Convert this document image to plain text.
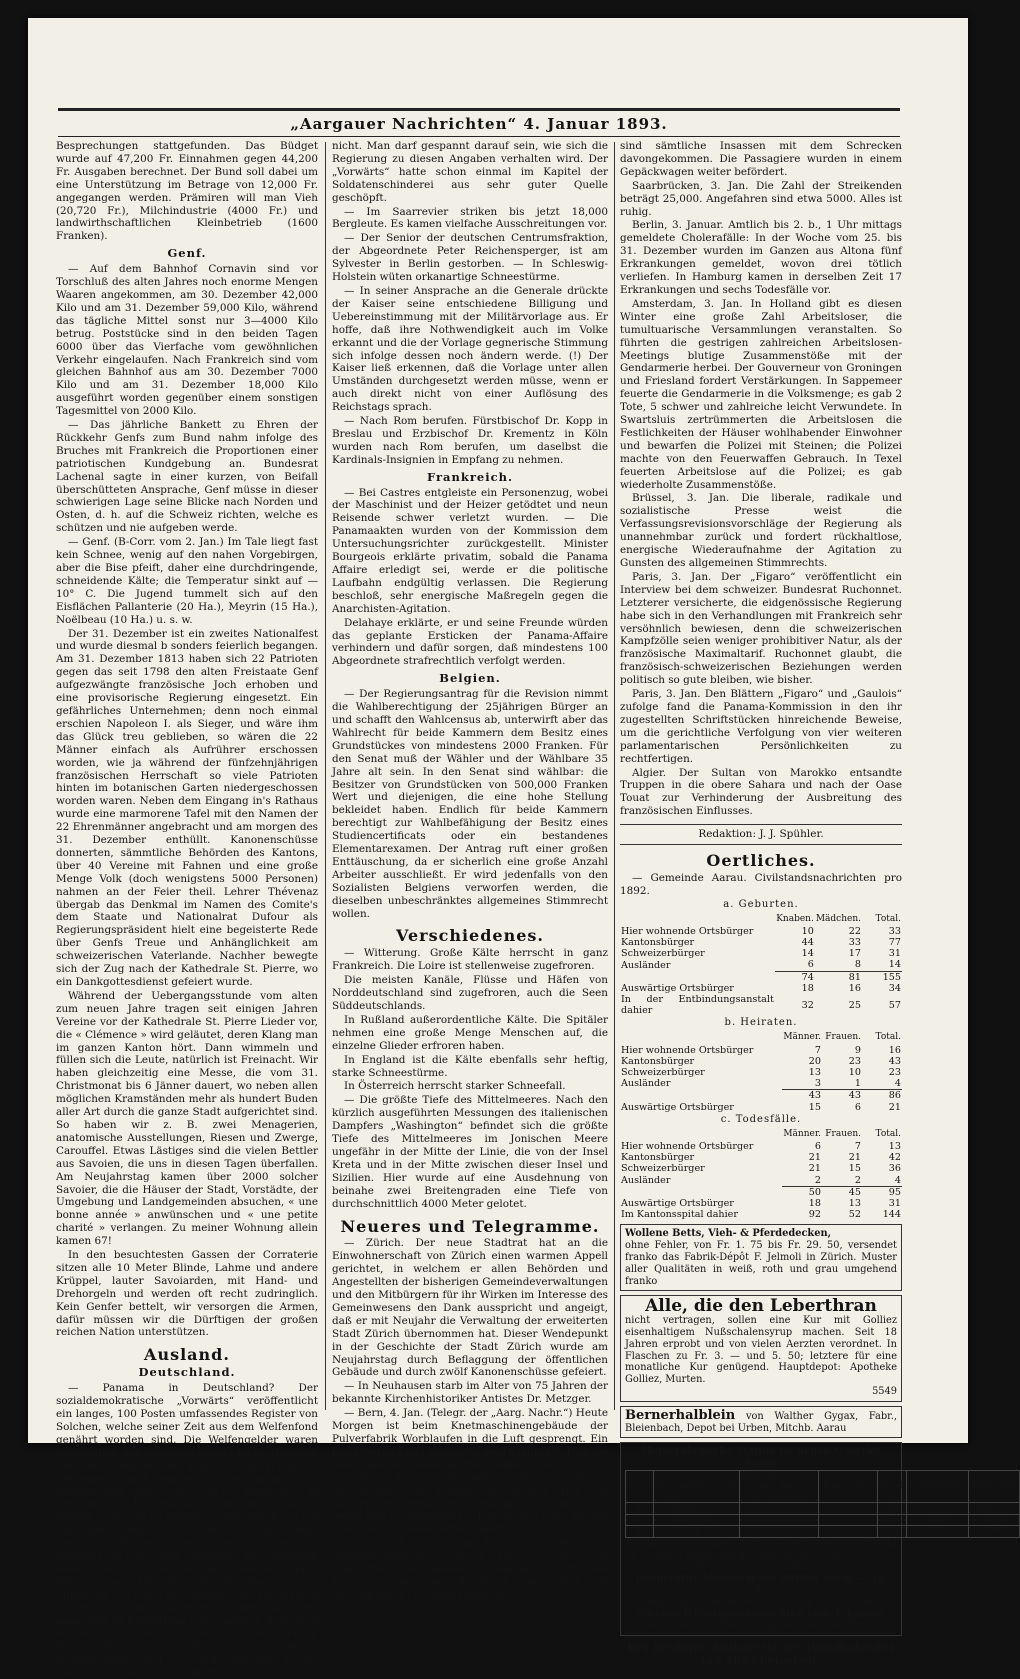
„Aargauer Nachrichten“ 4. Januar 1893.

Besprechungen stattgefunden. Das Büdget wurde auf 47,200 Fr. Einnahmen gegen 44,200 Fr. Ausgaben berechnet. Der Bund soll dabei um eine Unterstützung im Betrage von 12,000 Fr. angegangen werden. Prämiren will man Vieh (20,720 Fr.), Milchindustrie (4000 Fr.) und landwirthschaftlichen Kleinbetrieb (1600 Franken).

Genf.

— Auf dem Bahnhof Cornavin sind vor Torschluß des alten Jahres noch enorme Mengen Waaren angekommen, am 30. Dezember 42,000 Kilo und am 31. Dezember 59,000 Kilo, während das tägliche Mittel sonst nur 3—4000 Kilo betrug. Poststücke sind in den beiden Tagen 6000 über das Vierfache vom gewöhnlichen Verkehr eingelaufen. Nach Frankreich sind vom gleichen Bahnhof aus am 30. Dezember 7000 Kilo und am 31. Dezember 18,000 Kilo ausgeführt worden gegenüber einem sonstigen Tagesmittel von 2000 Kilo.

— Das jährliche Bankett zu Ehren der Rückkehr Genfs zum Bund nahm infolge des Bruches mit Frankreich die Proportionen einer patriotischen Kundgebung an. Bundesrat Lachenal sagte in einer kurzen, von Beifall überschütteten Ansprache, Genf müsse in dieser schwierigen Lage seine Blicke nach Norden und Osten, d. h. auf die Schweiz richten, welche es schützen und nie aufgeben werde.

— Genf. (B-Corr. vom 2. Jan.) Im Tale liegt fast kein Schnee, wenig auf den nahen Vorgebirgen, aber die Bise pfeift, daher eine durchdringende, schneidende Kälte; die Temperatur sinkt auf — 10° C. Die Jugend tummelt sich auf den Eisflächen Pallanterie (20 Ha.), Meyrin (15 Ha.), Noëlbeau (10 Ha.) u. s. w.

Der 31. Dezember ist ein zweites Nationalfest und wurde diesmal b sonders feierlich begangen. Am 31. Dezember 1813 haben sich 22 Patrioten gegen das seit 1798 den alten Freistaate Genf aufgezwängte französische Joch erhoben und eine provisorische Regierung eingesetzt. Ein gefährliches Unternehmen; denn noch einmal erschien Napoleon I. als Sieger, und wäre ihm das Glück treu geblieben, so wären die 22 Männer einfach als Aufrührer erschossen worden, wie ja während der fünfzehnjährigen französischen Herrschaft so viele Patrioten hinten im botanischen Garten niedergeschossen worden waren. Neben dem Eingang in's Rathaus wurde eine marmorene Tafel mit den Namen der 22 Ehrenmänner angebracht und am morgen des 31. Dezember enthüllt. Kanonenschüsse donnerten, sämmtliche Behörden des Kantons, über 40 Vereine mit Fahnen und eine große Menge Volk (doch wenigstens 5000 Personen) nahmen an der Feier theil. Lehrer Thévenaz übergab das Denkmal im Namen des Comite's dem Staate und Nationalrat Dufour als Regierungspräsident hielt eine begeisterte Rede über Genfs Treue und Anhänglichkeit am schweizerischen Vaterlande. Nachher bewegte sich der Zug nach der Kathedrale St. Pierre, wo ein Dankgottesdienst gefeiert wurde.

Während der Uebergangsstunde vom alten zum neuen Jahre tragen seit einigen Jahren Vereine vor der Kathedrale St. Pierre Lieder vor, die « Clémence » wird geläutet, deren Klang man im ganzen Kanton hört. Dann wimmeln und füllen sich die Leute, natürlich ist Freinacht. Wir haben gleichzeitig eine Messe, die vom 31. Christmonat bis 6 Jänner dauert, wo neben allen möglichen Kramständen mehr als hundert Buden aller Art durch die ganze Stadt aufgerichtet sind. So haben wir z. B. zwei Menagerien, anatomische Ausstellungen, Riesen und Zwerge, Carouffel. Etwas Lästiges sind die vielen Bettler aus Savoien, die uns in diesen Tagen überfallen. Am Neujahrstag kamen über 2000 solcher Savoier, die die Häuser der Stadt, Vorstädte, der Umgebung und Landgemeinden absuchen, « une bonne année » anwünschen und « une petite charité » verlangen. Zu meiner Wohnung allein kamen 67!

In den besuchtesten Gassen der Corraterie sitzen alle 10 Meter Blinde, Lahme und andere Krüppel, lauter Savoiarden, mit Hand- und Drehorgeln und werden oft recht zudringlich. Kein Genfer bettelt, wir versorgen die Armen, dafür müssen wir die Dürftigen der großen reichen Nation unterstützen.

Ausland.
Deutschland.

— Panama in Deutschland? Der sozialdemokratische „Vorwärts“ veröffentlicht ein langes, 100 Posten umfassendes Register von Solchen, welche seiner Zeit aus dem Welfenfond genährt worden sind. Die Welfengelder waren bekanntlich den Schätzen des im Jahre 1866 von Preußen abgesetzten Königs von Hannover entnommen und dienten als Geheimfonds zur Bekämpfung der „welfischen Agitation“ in Preußen. Vor Kurzem hat Caprivi im Reichstag erklärt, die betreffenden Quittungen seien verbrannt worden. Der „Vorwärts“ erklärt nun, diese Quittungen seien noch vorhanden, während andere seine Angaben als Erfindung bezeichnen. Das Blatt stellt als „Gefahdete“ eine Reihe von höchsten Würdenträgern und Ministern süddeutscher Staaten bar. Die Namen werden zwar nur angedeutet aufgeführt, aber man wird in Deutschland die meisten derselben erraten. Auf hohe Offiziere folgen Richter, Parlamentarier, Zeitungen, Aerzte, Polizeibeamte, und es wird sich bis in die Schweiz gesandten Lockspitzel

nicht. Man darf gespannt darauf sein, wie sich die Regierung zu diesen Angaben verhalten wird. Der „Vorwärts“ hatte schon einmal im Kapitel der Soldatenschinderei aus sehr guter Quelle geschöpft.

— Im Saarrevier striken bis jetzt 18,000 Bergleute. Es kamen vielfache Ausschreitungen vor.

— Der Senior der deutschen Centrumsfraktion, der Abgeordnete Peter Reichensperger, ist am Sylvester in Berlin gestorben. — In Schleswig-Holstein wüten orkanartige Schneestürme.

— In seiner Ansprache an die Generale drückte der Kaiser seine entschiedene Billigung und Uebereinstimmung mit der Militärvorlage aus. Er hoffe, daß ihre Nothwendigkeit auch im Volke erkannt und die der Vorlage gegnerische Stimmung sich infolge dessen noch ändern werde. (!) Der Kaiser ließ erkennen, daß die Vorlage unter allen Umständen durchgesetzt werden müsse, wenn er auch direkt nicht von einer Auflösung des Reichstags sprach.

— Nach Rom berufen. Fürstbischof Dr. Kopp in Breslau und Erzbischof Dr. Krementz in Köln wurden nach Rom berufen, um daselbst die Kardinals-Insignien in Empfang zu nehmen.

Frankreich.

— Bei Castres entgleiste ein Personenzug, wobei der Maschinist und der Heizer getödtet und neun Reisende schwer verletzt wurden. — Die Panamaakten wurden von der Kommission dem Untersuchungsrichter zurückgestellt. Minister Bourgeois erklärte privatim, sobald die Panama Affaire erledigt sei, werde er die politische Laufbahn endgültig verlassen. Die Regierung beschloß, sehr energische Maßregeln gegen die Anarchisten-Agitation.

Delahaye erklärte, er und seine Freunde würden das geplante Ersticken der Panama-Affaire verhindern und dafür sorgen, daß mindestens 100 Abgeordnete strafrechtlich verfolgt werden.

Belgien.

— Der Regierungsantrag für die Revision nimmt die Wahlberechtigung der 25jährigen Bürger an und schafft den Wahlcensus ab, unterwirft aber das Wahlrecht für beide Kammern dem Besitz eines Grundstückes von mindestens 2000 Franken. Für den Senat muß der Wähler und der Wählbare 35 Jahre alt sein. In den Senat sind wählbar: die Besitzer von Grundstücken von 500,000 Franken Wert und diejenigen, die eine hohe Stellung bekleidet haben. Endlich für beide Kammern berechtigt zur Wahlbefähigung der Besitz eines Studiencertificats oder ein bestandenes Elementarexamen. Der Antrag ruft einer großen Enttäuschung, da er sicherlich eine große Anzahl Arbeiter ausschließt. Er wird jedenfalls von den Sozialisten Belgiens verworfen werden, die dieselben unbeschränktes allgemeines Stimmrecht wollen.

Verschiedenes.

— Witterung. Große Kälte herrscht in ganz Frankreich. Die Loire ist stellenweise zugefroren.

Die meisten Kanäle, Flüsse und Häfen von Norddeutschland sind zugefroren, auch die Seen Süddeutschlands.

In Rußland außerordentliche Kälte. Die Spitäler nehmen eine große Menge Menschen auf, die einzelne Glieder erfroren haben.

In England ist die Kälte ebenfalls sehr heftig, starke Schneestürme.

In Österreich herrscht starker Schneefall.

— Die größte Tiefe des Mittelmeeres. Nach den kürzlich ausgeführten Messungen des italienischen Dampfers „Washington“ befindet sich die größte Tiefe des Mittelmeeres im Jonischen Meere ungefähr in der Mitte der Linie, die von der Insel Kreta und in der Mitte zwischen dieser Insel und Sizilien. Hier wurde auf eine Ausdehnung von beinahe zwei Breitengraden eine Tiefe von durchschnittlich 4000 Meter gelotet.

Neueres und Telegramme.

— Zürich. Der neue Stadtrat hat an die Einwohnerschaft von Zürich einen warmen Appell gerichtet, in welchem er allen Behörden und Angestellten der bisherigen Gemeindeverwaltungen und den Mitbürgern für ihr Wirken im Interesse des Gemeinwesens den Dank ausspricht und angeigt, daß er mit Neujahr die Verwaltung der erweiterten Stadt Zürich übernommen hat. Dieser Wendepunkt in der Geschichte der Stadt Zürich wurde am Neujahrstag durch Beflaggung der öffentlichen Gebäude und durch zwölf Kanonenschüsse gefeiert.

— In Neuhausen starb im Alter von 75 Jahren der bekannte Kirchenhistoriker Antistes Dr. Metzger.

— Bern, 4. Jan. (Telegr. der „Aarg. Nachr.“) Heute Morgen ist beim Knetmaschinengebäude der Pulverfabrik Worblaufen in die Luft gesprengt. Ein furchtbarer Knall erweckte heute früh 4½ Uhr die Bewohner der benachbarten Dörfer. Eine Quantität rauchlosen Pulvers entzündete sich, das Gebäude ist zerstört, ein Arbeiter ist getötet. Der von solchen Pulverfabriken erzeugte Schaden ist beträchtlich. Sämmtliche Fensterscheiben in der Umgegend wurden zertrümmert.

— Zurzach, 3. Januar. Bei der Einfahrt des Abendschnellzuges 222, 6 Uhr 21 Min. von Winterthur herkommend, ereignete sich ein Personenwagen einen Radbruch. Zum Glück war der Zug nicht in vollem Laufe und

sind sämtliche Insassen mit dem Schrecken davongekommen. Die Passagiere wurden in einem Gepäckwagen weiter befördert.

Saarbrücken, 3. Jan. Die Zahl der Streikenden beträgt 25,000. Angefahren sind etwa 5000. Alles ist ruhig.

Berlin, 3. Januar. Amtlich bis 2. b., 1 Uhr mittags gemeldete Cholerafälle: In der Woche vom 25. bis 31. Dezember wurden im Ganzen aus Altona fünf Erkrankungen gemeldet, wovon drei tötlich verliefen. In Hamburg kamen in derselben Zeit 17 Erkrankungen und sechs Todesfälle vor.

Amsterdam, 3. Jan. In Holland gibt es diesen Winter eine große Zahl Arbeitsloser, die tumultuarische Versammlungen veranstalten. So führten die gestrigen zahlreichen Arbeitslosen-Meetings blutige Zusammenstöße mit der Gendarmerie herbei. Der Gouverneur von Groningen und Friesland fordert Verstärkungen. In Sappemeer feuerte die Gendarmerie in die Volksmenge; es gab 2 Tote, 5 schwer und zahlreiche leicht Verwundete. In Swartsluis zertrümmerten die Arbeitslosen die Festlichkeiten der Häuser wohlhabender Einwohner und bewarfen die Polizei mit Steinen; die Polizei machte von den Feuerwaffen Gebrauch. In Texel feuerten Arbeitslose auf die Polizei; es gab wiederholte Zusammenstöße.

Brüssel, 3. Jan. Die liberale, radikale und sozialistische Presse weist die Verfassungsrevisionsvorschläge der Regierung als unannehmbar zurück und fordert rückhaltlose, energische Wiederaufnahme der Agitation zu Gunsten des allgemeinen Stimmrechts.

Paris, 3. Jan. Der „Figaro“ veröffentlicht ein Interview bei dem schweizer. Bundesrat Ruchonnet. Letzterer versicherte, die eidgenössische Regierung habe sich in den Verhandlungen mit Frankreich sehr versöhnlich bewiesen, denn die schweizerischen Kampfzölle seien weniger prohibitiver Natur, als der französische Maximaltarif. Ruchonnet glaubt, die französisch-schweizerischen Beziehungen werden politisch so gute bleiben, wie bisher.

Paris, 3. Jan. Den Blättern „Figaro“ und „Gaulois“ zufolge fand die Panama-Kommission in den ihr zugestellten Schriftstücken hinreichende Beweise, um die gerichtliche Verfolgung von vier weiteren parlamentarischen Persönlichkeiten zu rechtfertigen.

Algier. Der Sultan von Marokko entsandte Truppen in die obere Sahara und nach der Oase Touat zur Verhinderung der Ausbreitung des französischen Einflusses.

Redaktion: J. J. Spühler.
Oertliches.

— Gemeinde Aarau. Civilstandsnachrichten pro 1892.

a. Geburten.
	Knaben.	Mädchen.	Total.
Hier wohnende Ortsbürger	10	22	33
Kantonsbürger	44	33	77
Schweizerbürger	14	17	31
Ausländer	6	8	14
	74	81	155
Auswärtige Ortsbürger	18	16	34
In der Entbindungsanstalt dahier	32	25	57
b. Heiraten.
	Männer.	Frauen.	Total.
Hier wohnende Ortsbürger	7	9	16
Kantonsbürger	20	23	43
Schweizerbürger	13	10	23
Ausländer	3	1	4
	43	43	86
Auswärtige Ortsbürger	15	6	21
c. Todesfälle.
	Männer.	Frauen.	Total.
Hier wohnende Ortsbürger	6	7	13
Kantonsbürger	21	21	42
Schweizerbürger	21	15	36
Ausländer	2	2	4
	50	45	95
Auswärtige Ortsbürger	18	13	31
Im Kantonsspital dahier	92	52	144
Wollene Betts, Vieh- & Pferdedecken,
ohne Fehler, von Fr. 1. 75 bis Fr. 29. 50, versendet franko das Fabrik-Dépôt F. Jelmoli in Zürich. Muster aller Qualitäten in weiß, roth und grau umgehend franko
Alle, die den Leberthran
nicht vertragen, sollen eine Kur mit Golliez eisenhaltigem Nußschalensyrup machen. Seit 18 Jahren erprobt und von vielen Aerzten verordnet. In Flaschen zu Fr. 3. — und 5. 50; letztere für eine monatliche Kur genügend. Hauptdepot: Apotheke Golliez, Murten.
5549
Bernerhalblein von Walther Gygax, Fabr., Bleienbach, Depot bei Urben, Mitchb. Aarau
Meteorologische Station im neuen Quartier Aarau
1893 Jan.	Beobachtungszeit	Barometerstand i.mm. Absol. Red.	Temperatur	Wind	Feuchtigkeit	Witterung
3.	Mittags 1 U.	8,2 73,3 67,5		SW.	91	bedeckt
3.	Abend 9 „	11,6 73,4 69,3		SSW.	100	hell
4.	Morg. 7 „	9,5 73,0 70,2		SW.	95	bedeckt
Angaben der beiden Extrem-Thermometer während 24 Stunden abgelesen gestern Abend 9 Uhr:
Minimum — 13.1 °C. Maximum — 8.0 °C.
Temperatur-Minimum der letzten Nacht — 14. °C.
Niederschlag, gemessen heute früh 7 Uhr: — mm.
Zürcher Witterungsaussichten vom 4. Januar.
Veränderliche Bewölkung, zeitweise bedeckt.
Der heutigen Auflage ist der Wandkalender pro 1893 beigelegt.
